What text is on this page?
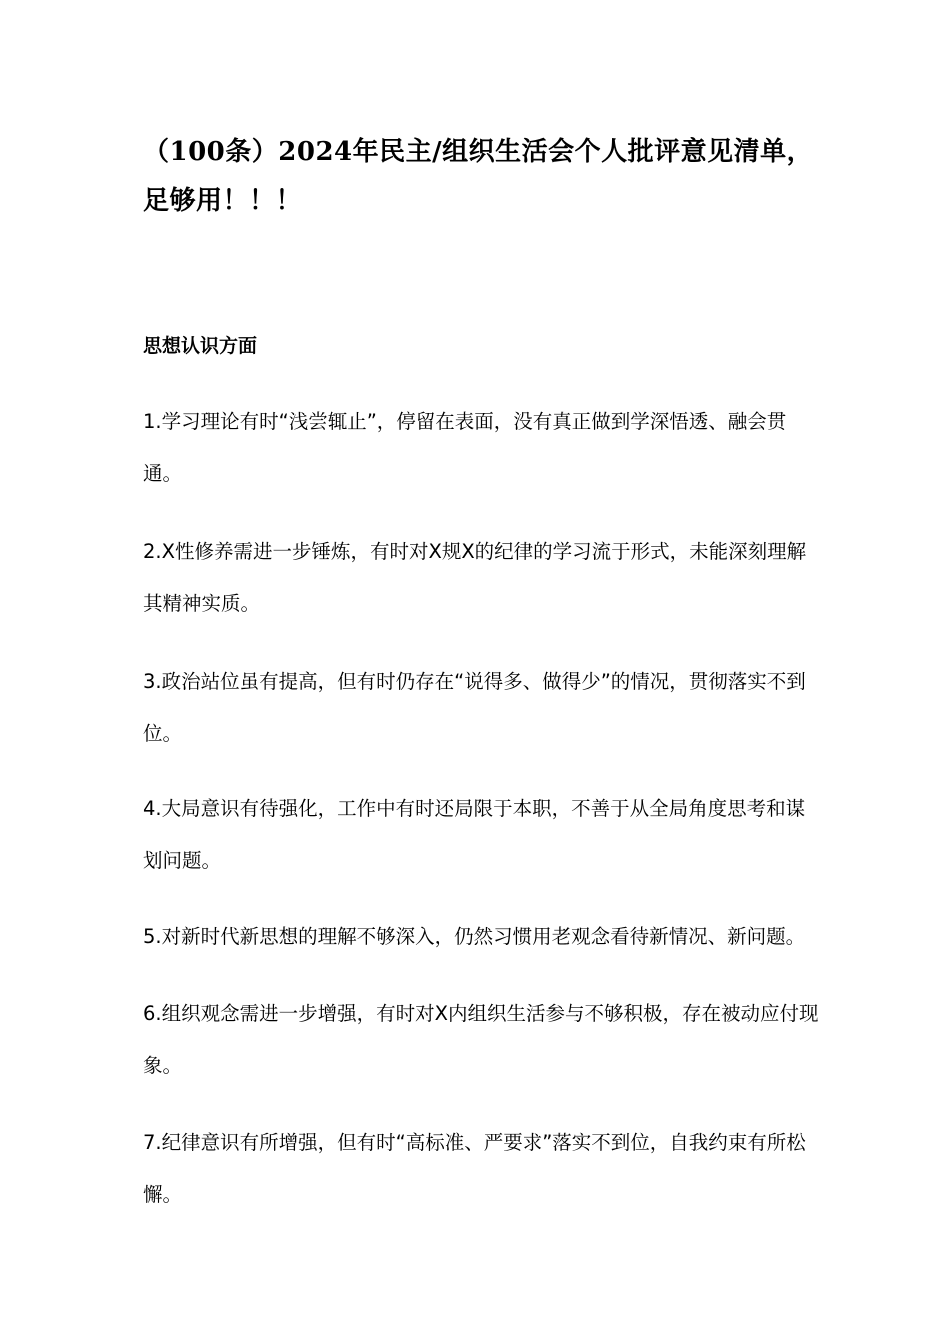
（100条）2024年民主/组织生活会个人批评意见清单，足够用！！！
思想认识方面

1.学习理论有时“浅尝辄止”，停留在表面，没有真正做到学深悟透、融会贯通。

2.X性修养需进一步锤炼，有时对X规X的纪律的学习流于形式，未能深刻理解其精神实质。

3.政治站位虽有提高，但有时仍存在“说得多、做得少”的情况，贯彻落实不到位。

4.大局意识有待强化，工作中有时还局限于本职，不善于从全局角度思考和谋划问题。

5.对新时代新思想的理解不够深入，仍然习惯用老观念看待新情况、新问题。

6.组织观念需进一步增强，有时对X内组织生活参与不够积极，存在被动应付现象。

7.纪律意识有所增强，但有时“高标准、严要求”落实不到位，自我约束有所松懈。
